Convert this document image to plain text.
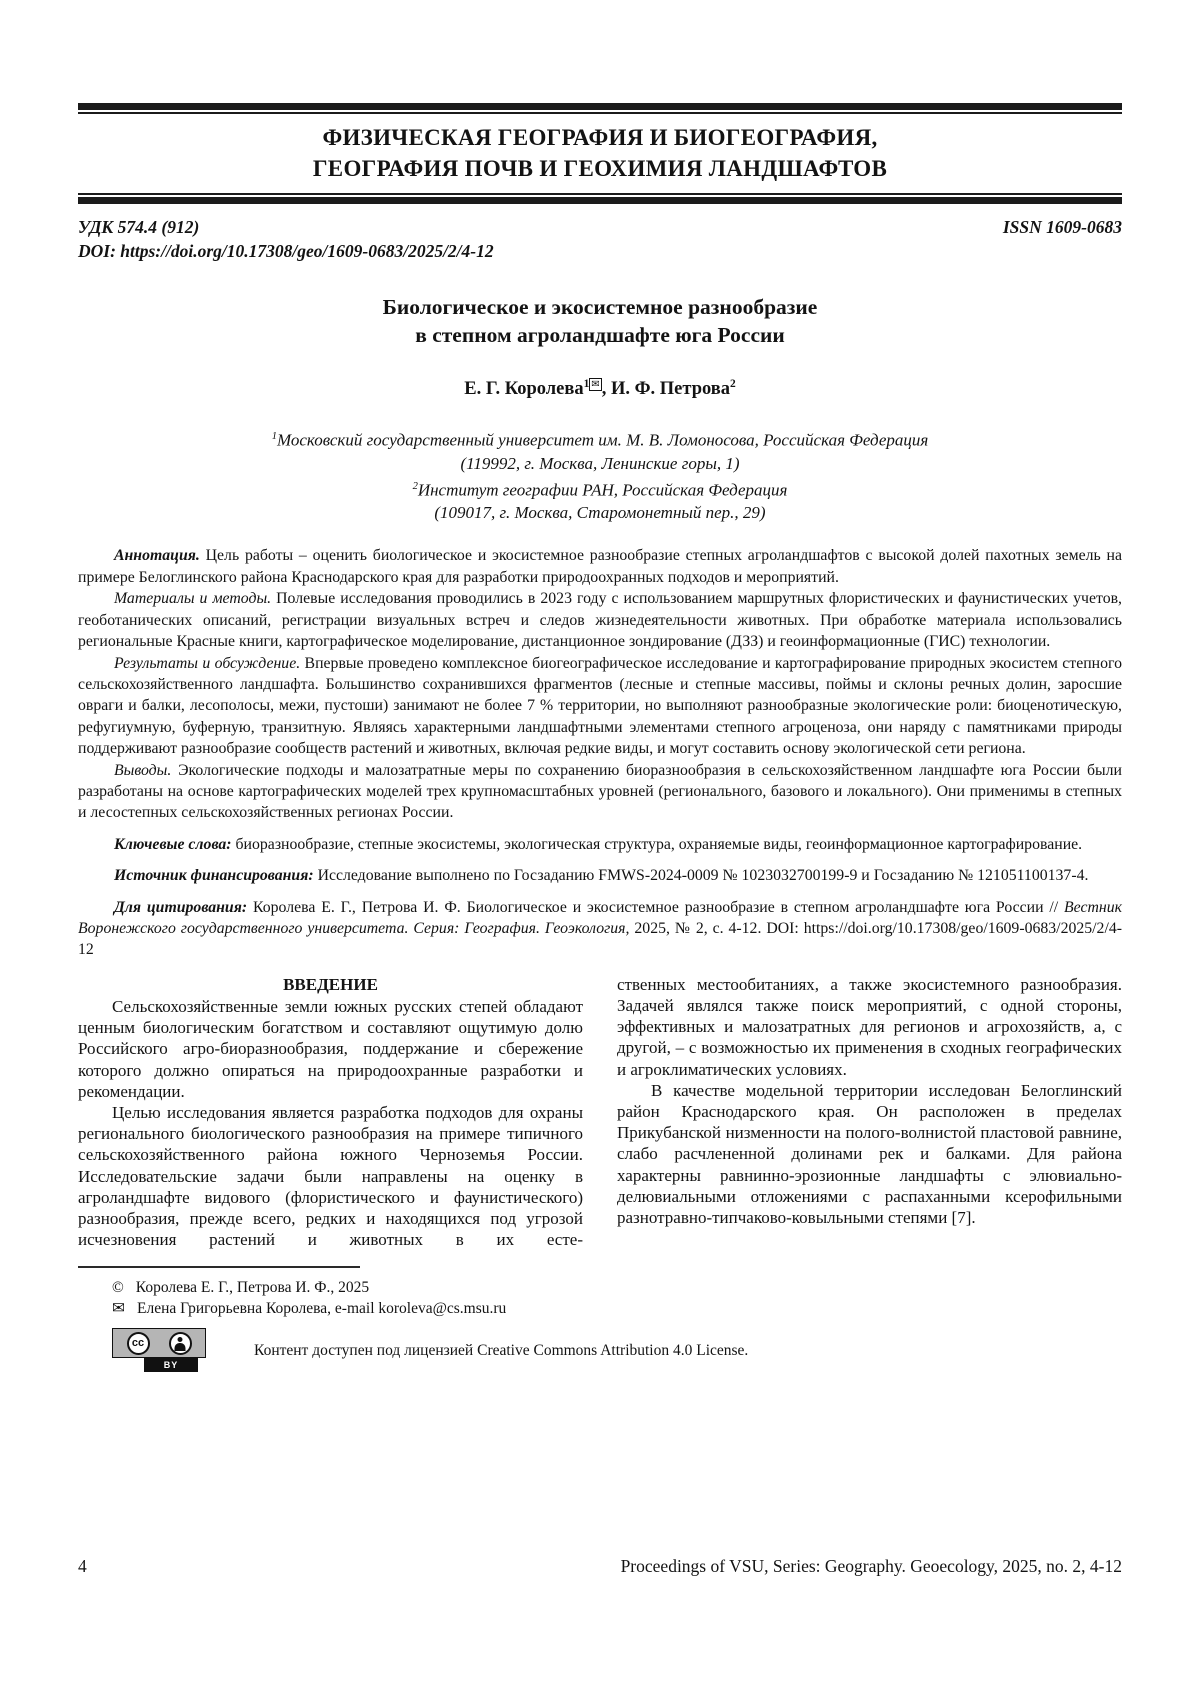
ФИЗИЧЕСКАЯ ГЕОГРАФИЯ И БИОГЕОГРАФИЯ,
ГЕОГРАФИЯ ПОЧВ И ГЕОХИМИЯ ЛАНДШАФТОВ
УДК 574.4 (912)	ISSN 1609-0683
DOI: https://doi.org/10.17308/geo/1609-0683/2025/2/4-12
Биологическое и экосистемное разнообразие
в степном агроландшафте юга России
Е. Г. Королева$^1$ ✉ , И. Ф. Петрова$^2$
$^1$Московский государственный университет им. М. В. Ломоносова, Российская Федерация
(119992, г. Москва, Ленинские горы, 1)
$^2$Институт географии РАН, Российская Федерация
(109017, г. Москва, Старомонетный пер., 29)
Аннотация. Цель работы – оценить биологическое и экосистемное разнообразие степных агроландшафтов с высокой долей пахотных земель на примере Белоглинского района Краснодарского края для разработки природоохранных подходов и мероприятий.
Материалы и методы. Полевые исследования проводились в 2023 году с использованием маршрутных флористических и фаунистических учетов, геоботанических описаний, регистрации визуальных встреч и следов жизнедеятельности животных. При обработке материала использовались региональные Красные книги, картографическое моделирование, дистанционное зондирование (ДЗЗ) и геоинформационные (ГИС) технологии.
Результаты и обсуждение. Впервые проведено комплексное биогеографическое исследование и картографирование природных экосистем степного сельскохозяйственного ландшафта. Большинство сохранившихся фрагментов (лесные и степные массивы, поймы и склоны речных долин, заросшие овраги и балки, лесополосы, межи, пустоши) занимают не более 7 % территории, но выполняют разнообразные экологические роли: биоценотическую, рефугиумную, буферную, транзитную. Являясь характерными ландшафтными элементами степного агроценоза, они наряду с памятниками природы поддерживают разнообразие сообществ растений и животных, включая редкие виды, и могут составить основу экологической сети региона.
Выводы. Экологические подходы и малозатратные меры по сохранению биоразнообразия в сельскохозяйственном ландшафте юга России были разработаны на основе картографических моделей трех крупномасштабных уровней (регионального, базового и локального). Они применимы в степных и лесостепных сельскохозяйственных регионах России.
Ключевые слова: биоразнообразие, степные экосистемы, экологическая структура, охраняемые виды, геоинформационное картографирование.
Источник финансирования: Исследование выполнено по Госзаданию FMWS-2024-0009 № 1023032700199-9 и Госзаданию № 121051100137-4.
Для цитирования: Королева Е. Г., Петрова И. Ф. Биологическое и экосистемное разнообразие в степном агроландшафте юга России // Вестник Воронежского государственного университета. Серия: География. Геоэкология, 2025, № 2, с. 4-12. DOI: https://doi.org/10.17308/geo/1609-0683/2025/2/4-12
ВВЕДЕНИЕ
Сельскохозяйственные земли южных русских степей обладают ценным биологическим богатством и составляют ощутимую долю Российского агро-биоразнообразия, поддержание и сбережение которого должно опираться на природоохранные разработки и рекомендации.
Целью исследования является разработка подходов для охраны регионального биологического разнообразия на примере типичного сельскохозяйственного района южного Черноземья России. Исследовательские задачи были направлены на оценку в агроландшафте видового (флористического и фаунистического) разнообразия, прежде всего, редких и находящихся под угрозой исчезновения растений и животных в их есте-
ственных местообитаниях, а также экосистемного разнообразия. Задачей являлся также поиск мероприятий, с одной стороны, эффективных и малозатратных для регионов и агрохозяйств, а, с другой, – с возможностью их применения в сходных географических и агроклиматических условиях.
В качестве модельной территории исследован Белоглинский район Краснодарского края. Он расположен в пределах Прикубанской низменности на полого-волнистой пластовой равнине, слабо расчлененной долинами рек и балками. Для района характерны равнинно-эрозионные ландшафты с элювиально-делювиальными отложениями с распаханными ксерофильными разнотравно-типчаково-ковыльными степями [7].
© Королева Е. Г., Петрова И. Ф., 2025
✉ Елена Григорьевна Королева, e-mail koroleva@cs.msu.ru
cc
BY
Контент доступен под лицензией Creative Commons Attribution 4.0 License.
4	Proceedings of VSU, Series: Geography. Geoecology, 2025, no. 2, 4-12
